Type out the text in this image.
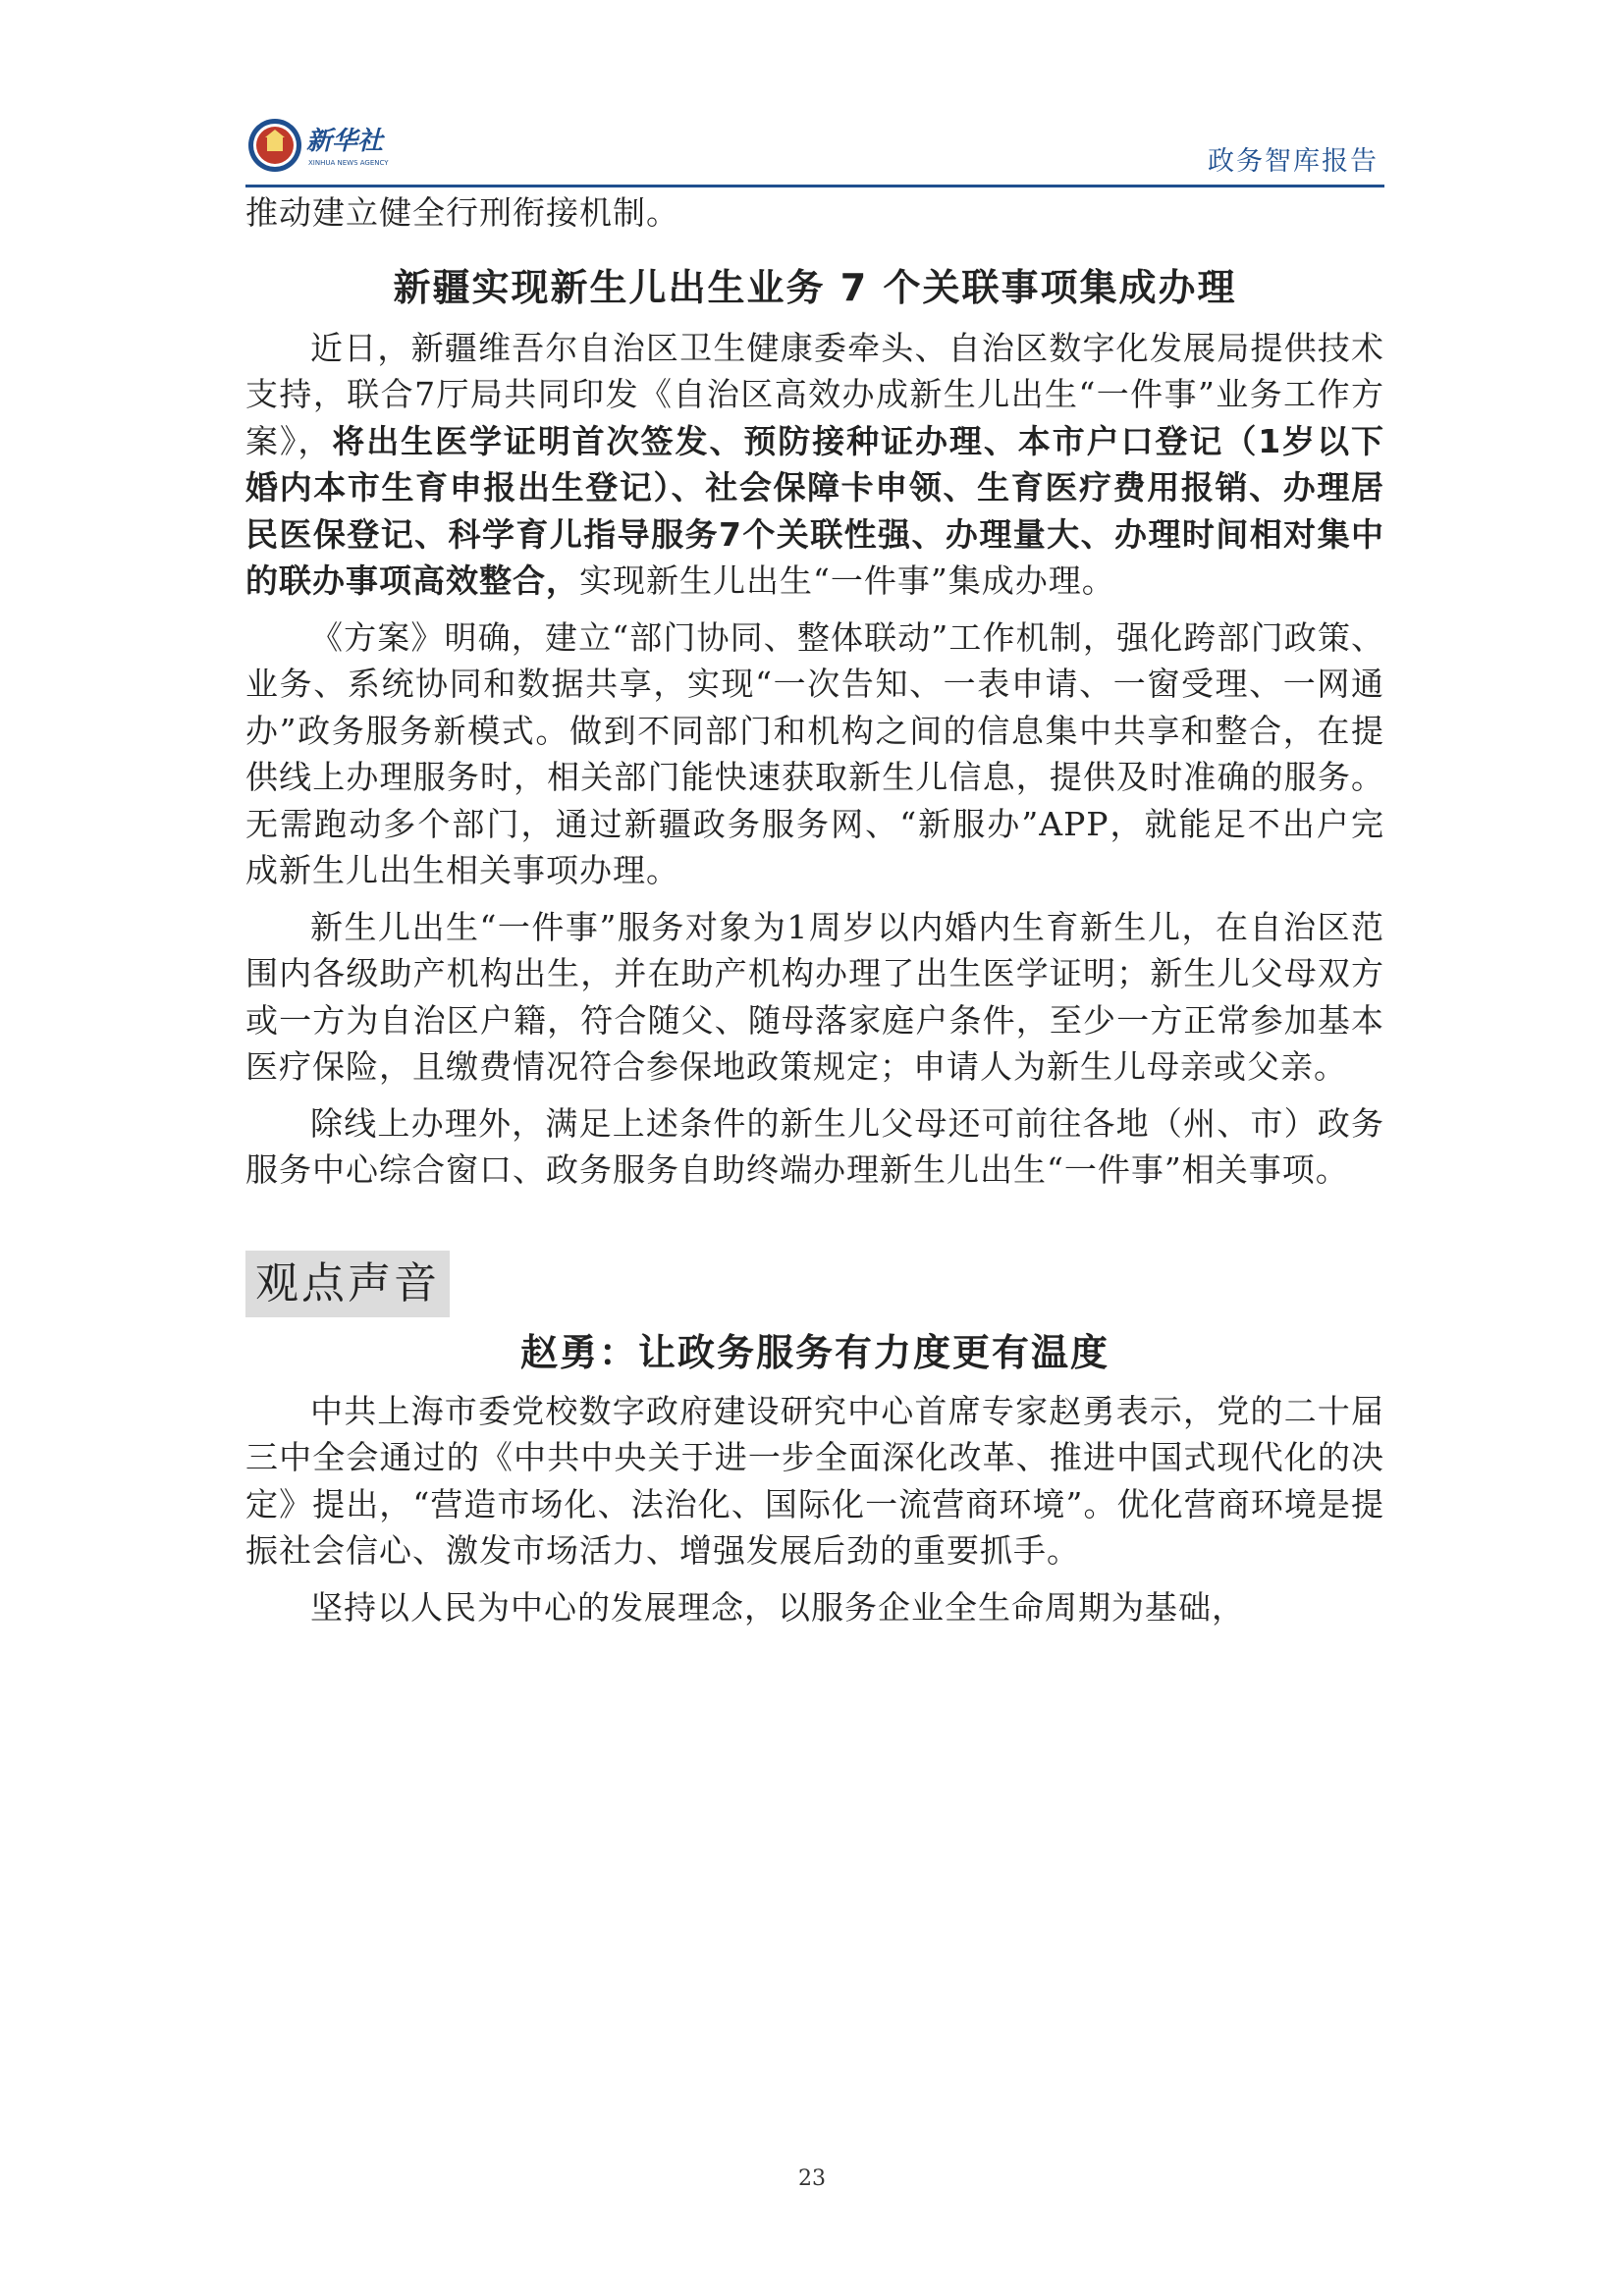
新华社
XINHUA NEWS AGENCY	政务智库报告

推动建立健全行刑衔接机制。

新疆实现新生儿出生业务 7 个关联事项集成办理

近日，新疆维吾尔自治区卫生健康委牵头、自治区数字化发展局提供技术支持，联合7厅局共同印发《自治区高效办成新生儿出生“一件事”业务工作方案》，将出生医学证明首次签发、预防接种证办理、本市户口登记（1岁以下婚内本市生育申报出生登记）、社会保障卡申领、生育医疗费用报销、办理居民医保登记、科学育儿指导服务7个关联性强、办理量大、办理时间相对集中的联办事项高效整合，实现新生儿出生“一件事”集成办理。

《方案》明确，建立“部门协同、整体联动”工作机制，强化跨部门政策、业务、系统协同和数据共享，实现“一次告知、一表申请、一窗受理、一网通办”政务服务新模式。做到不同部门和机构之间的信息集中共享和整合，在提供线上办理服务时，相关部门能快速获取新生儿信息，提供及时准确的服务。无需跑动多个部门，通过新疆政务服务网、“新服办”APP，就能足不出户完成新生儿出生相关事项办理。

新生儿出生“一件事”服务对象为1周岁以内婚内生育新生儿，在自治区范围内各级助产机构出生，并在助产机构办理了出生医学证明；新生儿父母双方或一方为自治区户籍，符合随父、随母落家庭户条件，至少一方正常参加基本医疗保险，且缴费情况符合参保地政策规定；申请人为新生儿母亲或父亲。

除线上办理外，满足上述条件的新生儿父母还可前往各地（州、市）政务服务中心综合窗口、政务服务自助终端办理新生儿出生“一件事”相关事项。

观点声音
赵勇：让政务服务有力度更有温度

中共上海市委党校数字政府建设研究中心首席专家赵勇表示，党的二十届三中全会通过的《中共中央关于进一步全面深化改革、推进中国式现代化的决定》提出，“营造市场化、法治化、国际化一流营商环境”。优化营商环境是提振社会信心、激发市场活力、增强发展后劲的重要抓手。

坚持以人民为中心的发展理念，以服务企业全生命周期为基础，

23
